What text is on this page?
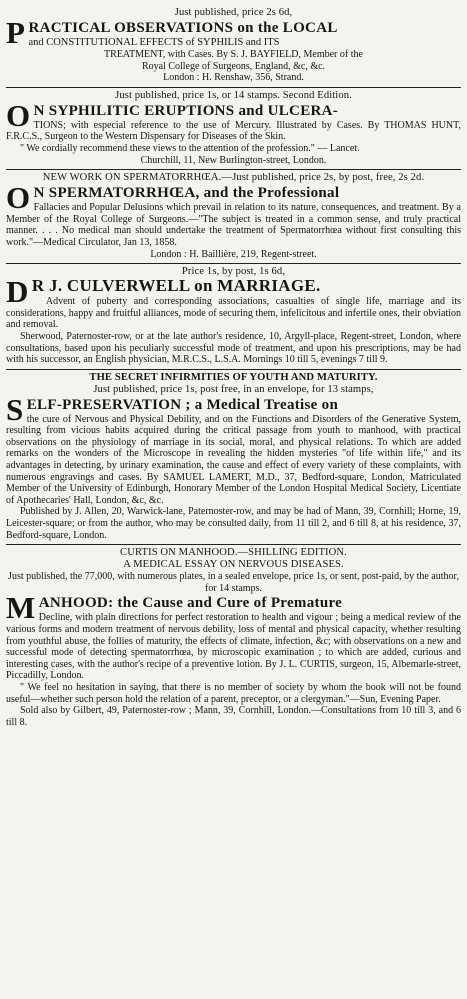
Just published, price 2s 6d,
P RACTICAL OBSERVATIONS on the LOCAL
and CONSTITUTIONAL EFFECTS of SYPHILIS and ITS
TREATMENT, with Cases. By S. J. BAYFIELD, Member of the
Royal College of Surgeons, England, &c, &c.
London : H. Renshaw, 356, Strand.
Just published, price 1s, or 14 stamps. Second Edition.
O N SYPHILITIC ERUPTIONS and ULCERA-

TIONS; with especial reference to the use of Mercury. Illustrated by Cases. By THOMAS HUNT, F.R.C.S., Surgeon to the Western Dispensary for Diseases of the Skin.

" We cordially recommend these views to the attention of the profession." — Lancet.

Churchill, 11, New Burlington-street, London.
NEW WORK ON SPERMATORRHŒA.—Just published, price 2s, by post, free, 2s 2d.
O N SPERMATORRHŒA, and the Professional

Fallacies and Popular Delusions which prevail in relation to its nature, consequences, and treatment. By a Member of the Royal College of Surgeons.—"The subject is treated in a common sense, and truly practical manner. . . . No medical man should undertake the treatment of Spermatorrhœa without first consulting this work."—Medical Circulator, Jan 13, 1858.

London : H. Baillière, 219, Regent-street.
Price 1s, by post, 1s 6d,
D R J. CULVERWELL on MARRIAGE.

Advent of puberty and corresponding associations, casualties of single life, marriage and its considerations, happy and fruitful alliances, mode of securing them, infelicitous and infertile ones, their obviation and removal.

Sherwood, Paternoster-row, or at the late author's residence, 10, Argyll-place, Regent-street, London, where consultations, based upon his peculiarly successful mode of treatment, and upon his prescriptions, may be had with his successor, an English physician, M.R.C.S., L.S.A. Mornings 10 till 5, evenings 7 till 9.

THE SECRET INFIRMITIES OF YOUTH AND MATURITY.
Just published, price 1s, post free, in an envelope, for 13 stamps,
S ELF-PRESERVATION ; a Medical Treatise on

the cure of Nervous and Physical Debility, and on the Functions and Disorders of the Generative System, resulting from vicious habits acquired during the critical passage from youth to manhood, with practical observations on the physiology of marriage in its social, moral, and physical relations. To which are added remarks on the wonders of the Microscope in revealing the hidden mysteries "of life within life," and its advantages in detecting, by urinary examination, the cause and effect of every variety of these complaints, with numerous engravings and cases. By SAMUEL LAMERT, M.D., 37, Bedford-square, London, Matriculated Member of the University of Edinburgh, Honorary Member of the London Hospital Medical Society, Licentiate of Apothecaries' Hall, London, &c, &c.

Published by J. Allen, 20, Warwick-lane, Paternoster-row, and may be had of Mann, 39, Cornhill; Horne, 19, Leicester-square; or from the author, who may be consulted daily, from 11 till 2, and 6 till 8, at his residence, 37, Bedford-square, London.

CURTIS ON MANHOOD.—SHILLING EDITION.
A MEDICAL ESSAY ON NERVOUS DISEASES.

Just published, the 77,000, with numerous plates, in a sealed envelope, price 1s, or sent, post-paid, by the author, for 14 stamps.

M ANHOOD: the Cause and Cure of Premature

Decline, with plain directions for perfect restoration to health and vigour ; being a medical review of the various forms and modern treatment of nervous debility, loss of mental and physical capacity, whether resulting from youthful abuse, the follies of maturity, the effects of climate, infection, &c; with observations on a new and successful mode of detecting spermatorrhœa, by microscopic examination ; to which are added, curious and interesting cases, with the author's recipe of a preventive lotion. By J. L. CURTIS, surgeon, 15, Albemarle-street, Piccadilly, London.

" We feel no hesitation in saying, that there is no member of society by whom the book will not be found useful—whether such person hold the relation of a parent, preceptor, or a clergyman."—Sun, Evening Paper.

Sold also by Gilbert, 49, Paternoster-row ; Mann, 39, Cornhill, London.—Consultations from 10 till 3, and 6 till 8.
